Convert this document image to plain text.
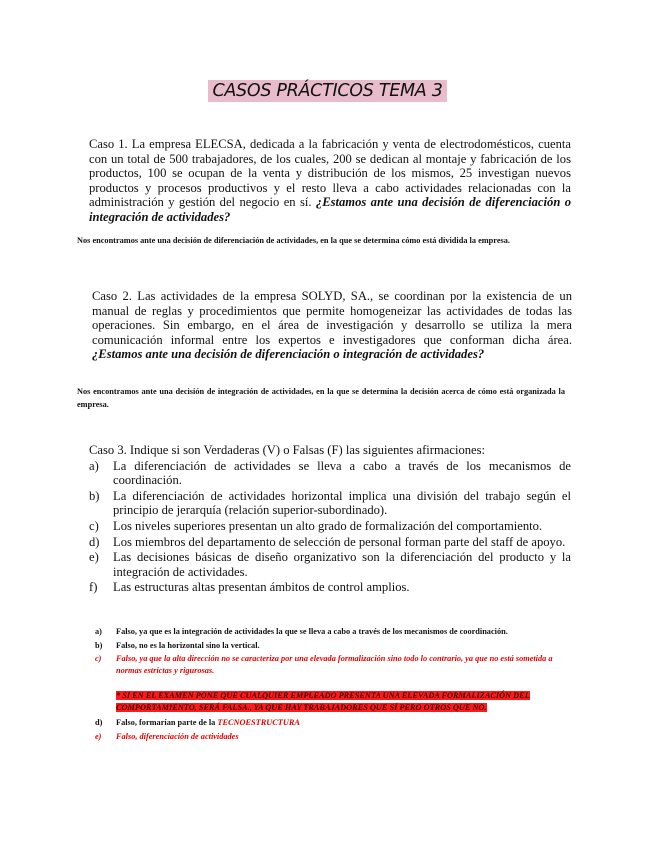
CASOS PRÁCTICOS TEMA 3
Caso 1. La empresa ELECSA, dedicada a la fabricación y venta de electrodomésticos, cuenta con un total de 500 trabajadores, de los cuales, 200 se dedican al montaje y fabricación de los productos, 100 se ocupan de la venta y distribución de los mismos, 25 investigan nuevos productos y procesos productivos y el resto lleva a cabo actividades relacionadas con la administración y gestión del negocio en sí. ¿Estamos ante una decisión de diferenciación o integración de actividades?
Nos encontramos ante una decisión de diferenciación de actividades, en la que se determina cómo está dividida la empresa.
Caso 2. Las actividades de la empresa SOLYD, SA., se coordinan por la existencia de un manual de reglas y procedimientos que permite homogeneizar las actividades de todas las operaciones. Sin embargo, en el área de investigación y desarrollo se utiliza la mera comunicación informal entre los expertos e investigadores que conforman dicha área. ¿Estamos ante una decisión de diferenciación o integración de actividades?
Nos encontramos ante una decisión de integración de actividades, en la que se determina la decisión acerca de cómo está organizada la empresa.
Caso 3. Indique si son Verdaderas (V) o Falsas (F) las siguientes afirmaciones:
a)	La diferenciación de actividades se lleva a cabo a través de los mecanismos de coordinación.
b)	La diferenciación de actividades horizontal implica una división del trabajo según el principio de jerarquía (relación superior-subordinado).
c)	Los niveles superiores presentan un alto grado de formalización del comportamiento.
d)	Los miembros del departamento de selección de personal forman parte del staff de apoyo.
e)	Las decisiones básicas de diseño organizativo son la diferenciación del producto y la integración de actividades.
f)	Las estructuras altas presentan ámbitos de control amplios.
a)	Falso, ya que es la integración de actividades la que se lleva a cabo a través de los mecanismos de coordinación.
b)	Falso, no es la horizontal sino la vertical.
c)	Falso, ya que la alta dirección no se caracteriza por una elevada formalización sino todo lo contrario, ya que no está sometida a normas estrictas y rigurosas.
* SI EN EL EXAMEN PONE QUE CUALQUIER EMPLEADO PRESENTA UNA ELEVADA FORMALIZACIÓN DEL COMPORTAMIENTO, SERÁ FALSA., YA QUE HAY TRABAJADORES QUE SÍ PERO OTROS QUE NO.
d)	Falso, formarían parte de la TECNOESTRUCTURA
e)	Falso, diferenciación de actividades
